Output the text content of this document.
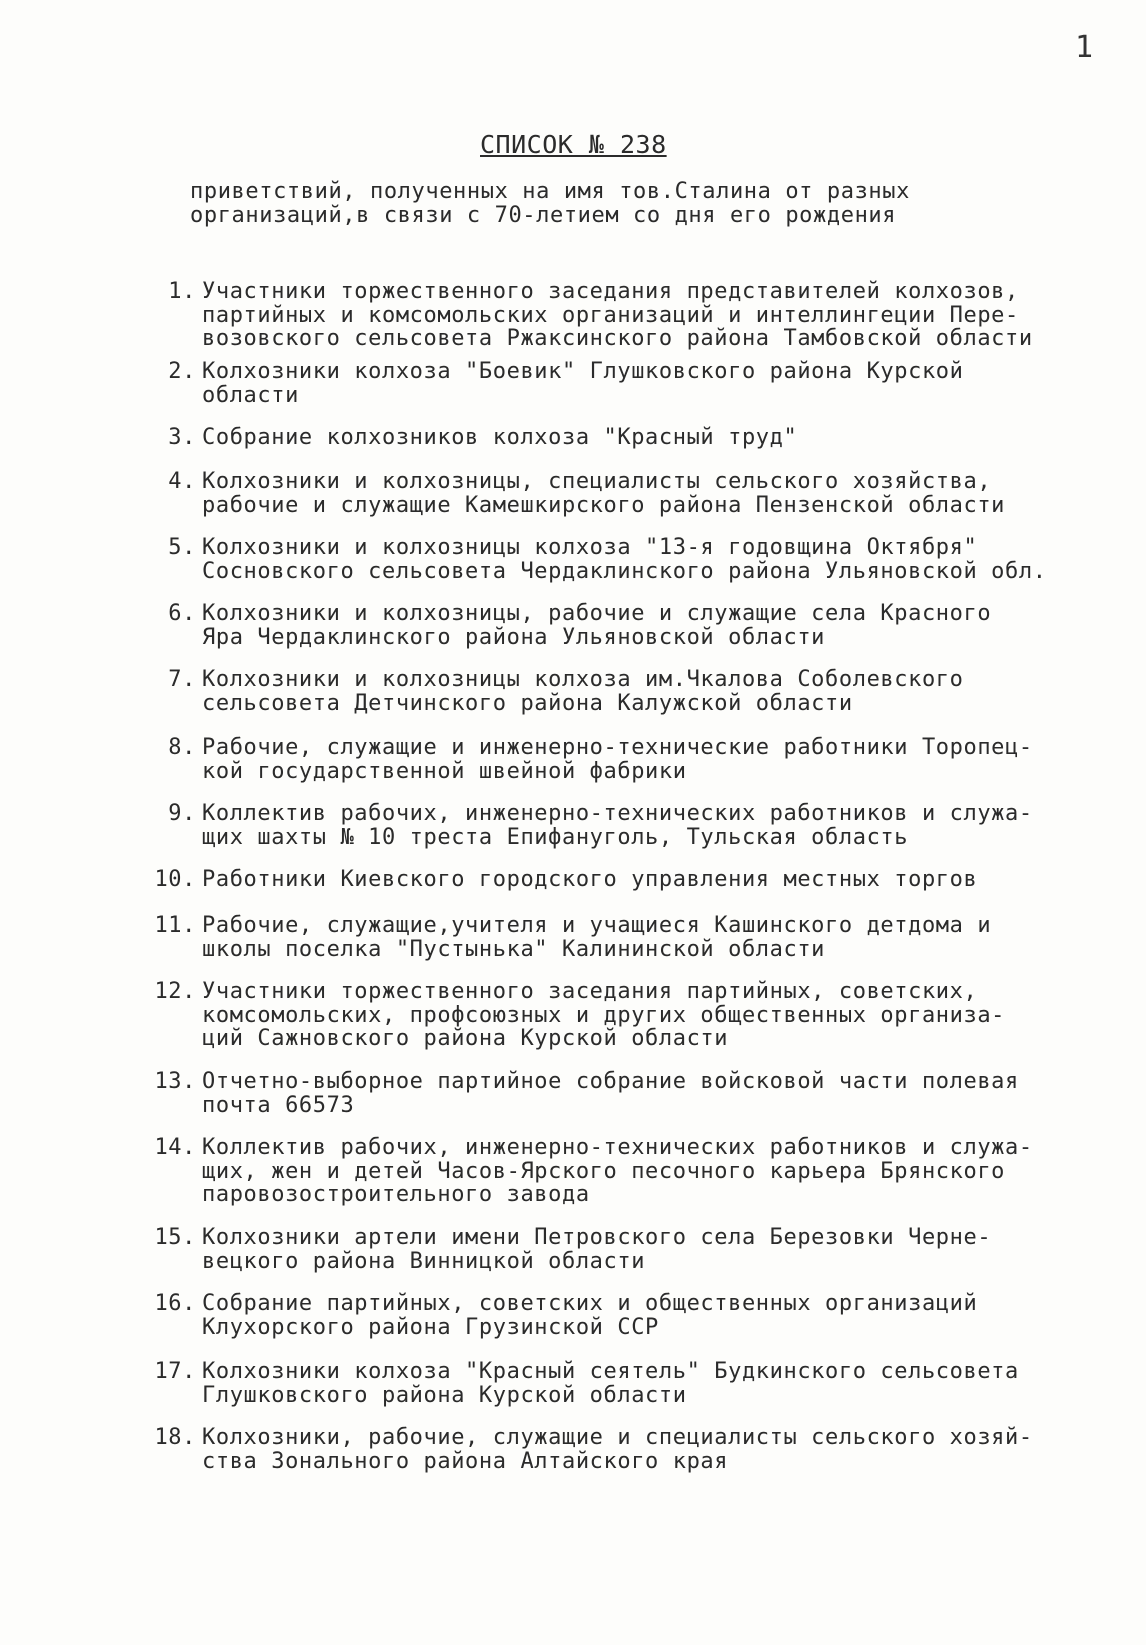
1
СПИСОК № 238
приветствий, полученных на имя тов.Сталина от разных
организаций,в связи с 70-летием со дня его рождения
1. Участники торжественного заседания представителей колхозов,
партийных и комсомольских организаций и интеллингеции Пере-
возовского сельсовета Ржаксинского района Тамбовской области
2. Колхозники колхоза "Боевик" Глушковского района Курской
области
3. Собрание колхозников колхоза "Красный труд"
4. Колхозники и колхозницы, специалисты сельского хозяйства,
рабочие и служащие Камешкирского района Пензенской области
5. Колхозники и колхозницы колхоза "13-я годовщина Октября"
Сосновского сельсовета Чердаклинского района Ульяновской обл.
6. Колхозники и колхозницы, рабочие и служащие села Красного
Яра Чердаклинского района Ульяновской области
7. Колхозники и колхозницы колхоза им.Чкалова Соболевского
сельсовета Детчинского района Калужской области
8. Рабочие, служащие и инженерно-технические работники Торопец-
кой государственной швейной фабрики
9. Коллектив рабочих, инженерно-технических работников и служа-
щих шахты № 10 треста Епифануголь, Тульская область
10. Работники Киевского городского управления местных торгов
11. Рабочие, служащие,учителя и учащиеся Кашинского детдома и
школы поселка "Пустынька" Калининской области
12. Участники торжественного заседания партийных, советских,
комсомольских, профсоюзных и других общественных организа-
ций Сажновского района Курской области
13. Отчетно-выборное партийное собрание войсковой части полевая
почта 66573
14. Коллектив рабочих, инженерно-технических работников и служа-
щих, жен и детей Часов-Ярского песочного карьера Брянского
паровозостроительного завода
15. Колхозники артели имени Петровского села Березовки Черне-
вецкого района Винницкой области
16. Собрание партийных, советских и общественных организаций
Клухорского района Грузинской ССР
17. Колхозники колхоза "Красный сеятель" Будкинского сельсовета
Глушковского района Курской области
18. Колхозники, рабочие, служащие и специалисты сельского хозяй-
ства Зонального района Алтайского края
